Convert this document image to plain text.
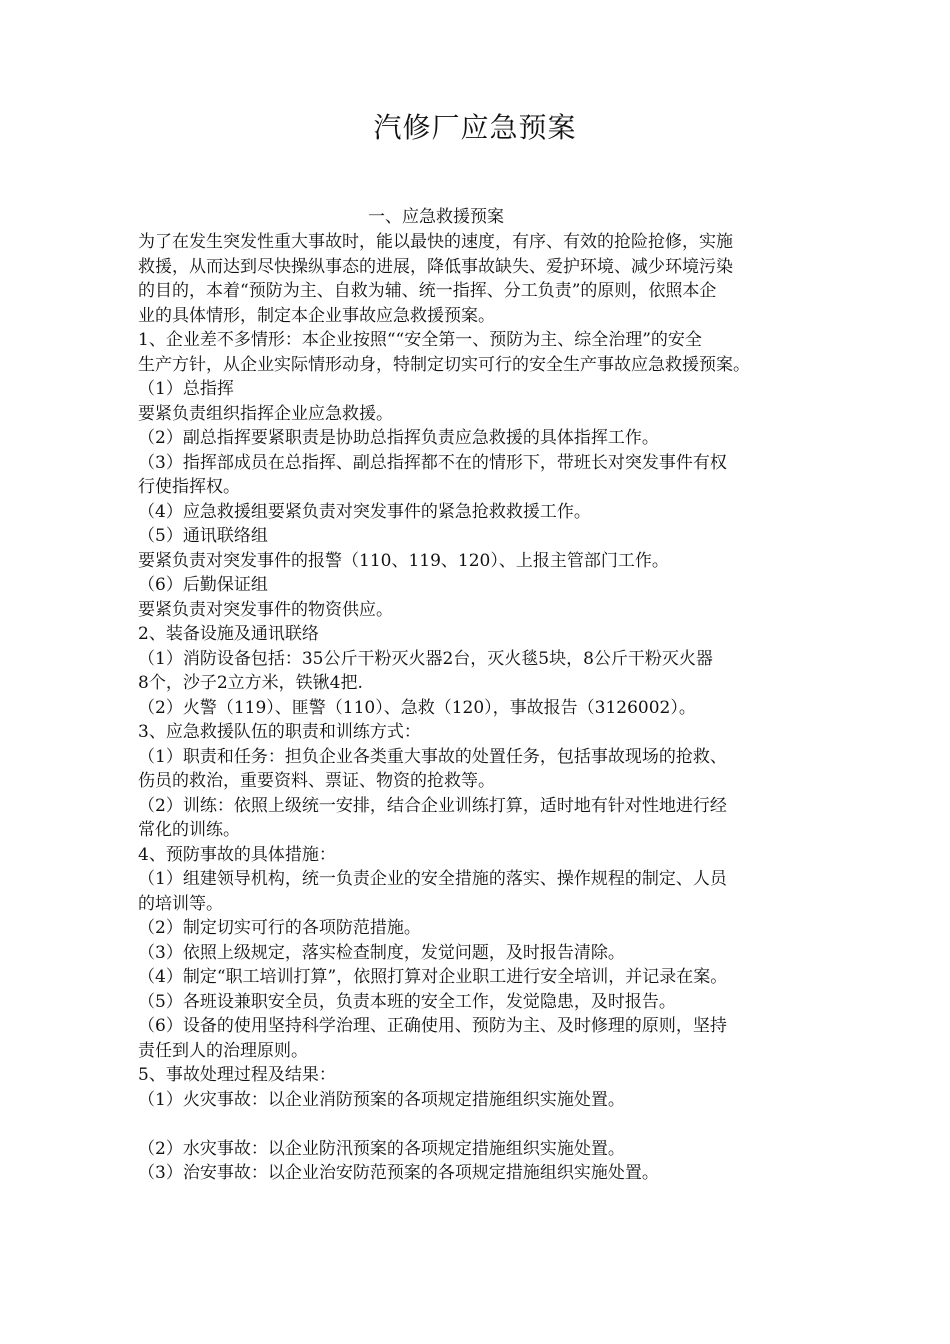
汽修厂应急预案
一、应急救援预案
为了在发生突发性重大事故时，能以最快的速度，有序、有效的抢险抢修，实施
救援，从而达到尽快操纵事态的进展，降低事故缺失、爱护环境、减少环境污染
的目的，本着“预防为主、自救为辅、统一指挥、分工负责”的原则，依照本企
业的具体情形，制定本企业事故应急救援预案。
1、企业差不多情形：本企业按照““安全第一、预防为主、综全治理”的安全
生产方针，从企业实际情形动身，特制定切实可行的安全生产事故应急救援预案。
（1）总指挥
要紧负责组织指挥企业应急救援。
（2）副总指挥要紧职责是协助总指挥负责应急救援的具体指挥工作。
（3）指挥部成员在总指挥、副总指挥都不在的情形下，带班长对突发事件有权
行使指挥权。
（4）应急救援组要紧负责对突发事件的紧急抢救救援工作。
（5）通讯联络组
要紧负责对突发事件的报警（110、119、120）、上报主管部门工作。
（6）后勤保证组
要紧负责对突发事件的物资供应。
2、装备设施及通讯联络
（1）消防设备包括：35公斤干粉灭火器2台，灭火毯5块，8公斤干粉灭火器
8个，沙子2立方米，铁锹4把.
（2）火警（119）、匪警（110）、急救（120），事故报告（3126002）。
3、应急救援队伍的职责和训练方式：
（1）职责和任务：担负企业各类重大事故的处置任务，包括事故现场的抢救、
伤员的救治，重要资料、票证、物资的抢救等。
（2）训练：依照上级统一安排，结合企业训练打算，适时地有针对性地进行经
常化的训练。
4、预防事故的具体措施：
（1）组建领导机构，统一负责企业的安全措施的落实、操作规程的制定、人员
的培训等。
（2）制定切实可行的各项防范措施。
（3）依照上级规定，落实检查制度，发觉问题，及时报告清除。
（4）制定“职工培训打算”，依照打算对企业职工进行安全培训，并记录在案。
（5）各班设兼职安全员，负责本班的安全工作，发觉隐患，及时报告。
（6）设备的使用坚持科学治理、正确使用、预防为主、及时修理的原则，坚持
责任到人的治理原则。
5、事故处理过程及结果：
（1）火灾事故：以企业消防预案的各项规定措施组织实施处置。
（2）水灾事故：以企业防汛预案的各项规定措施组织实施处置。
（3）治安事故：以企业治安防范预案的各项规定措施组织实施处置。
